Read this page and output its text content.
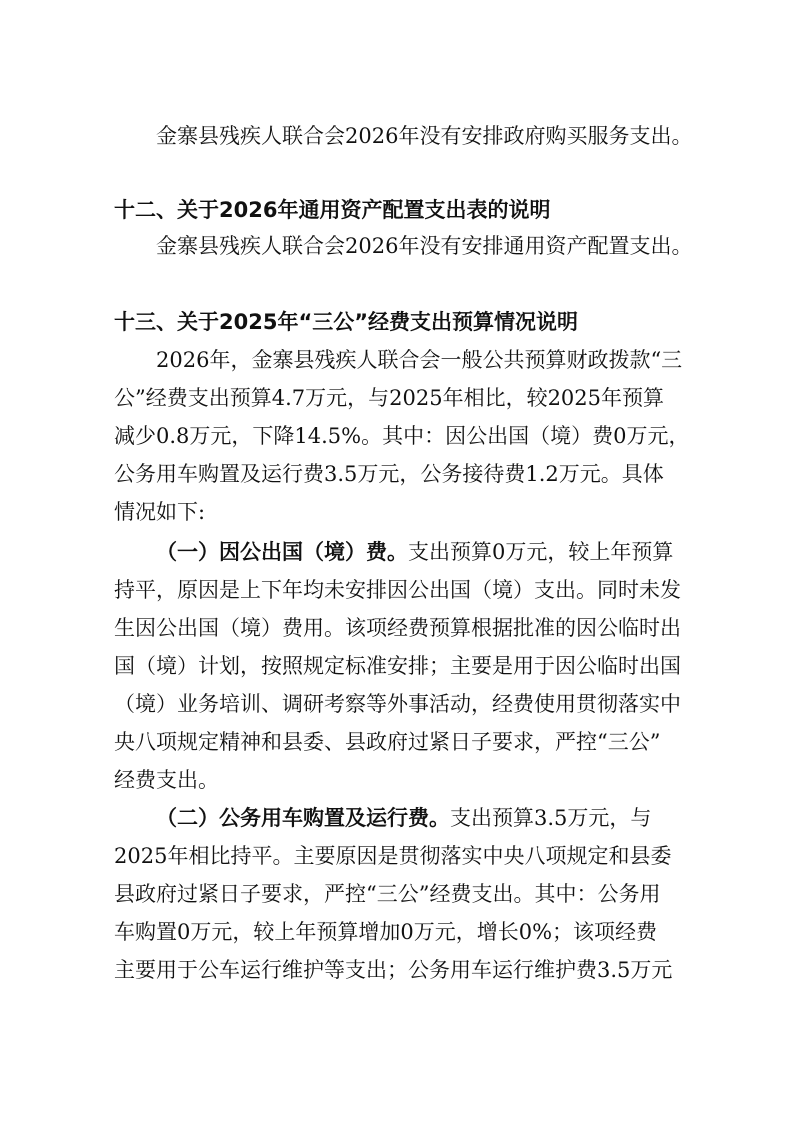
金寨县残疾人联合会2026年没有安排政府购买服务支出。
十二、关于2026年通用资产配置支出表的说明
金寨县残疾人联合会2026年没有安排通用资产配置支出。
十三、关于2025年“三公”经费支出预算情况说明
2026年，金寨县残疾人联合会一般公共预算财政拨款“三
公”经费支出预算4.7万元，与2025年相比，较2025年预算
减少0.8万元，下降14.5%。其中：因公出国（境）费0万元，
公务用车购置及运行费3.5万元，公务接待费1.2万元。具体
情况如下:
（一）因公出国（境）费。支出预算0万元，较上年预算
持平，原因是上下年均未安排因公出国（境）支出。同时未发
生因公出国（境）费用。该项经费预算根据批准的因公临时出
国（境）计划，按照规定标准安排；主要是用于因公临时出国
（境）业务培训、调研考察等外事活动，经费使用贯彻落实中
央八项规定精神和县委、县政府过紧日子要求，严控“三公”
经费支出。
（二）公务用车购置及运行费。支出预算3.5万元，与
2025年相比持平。主要原因是贯彻落实中央八项规定和县委
县政府过紧日子要求，严控“三公”经费支出。其中：公务用
车购置0万元，较上年预算增加0万元，增长0%；该项经费
主要用于公车运行维护等支出；公务用车运行维护费3.5万元
